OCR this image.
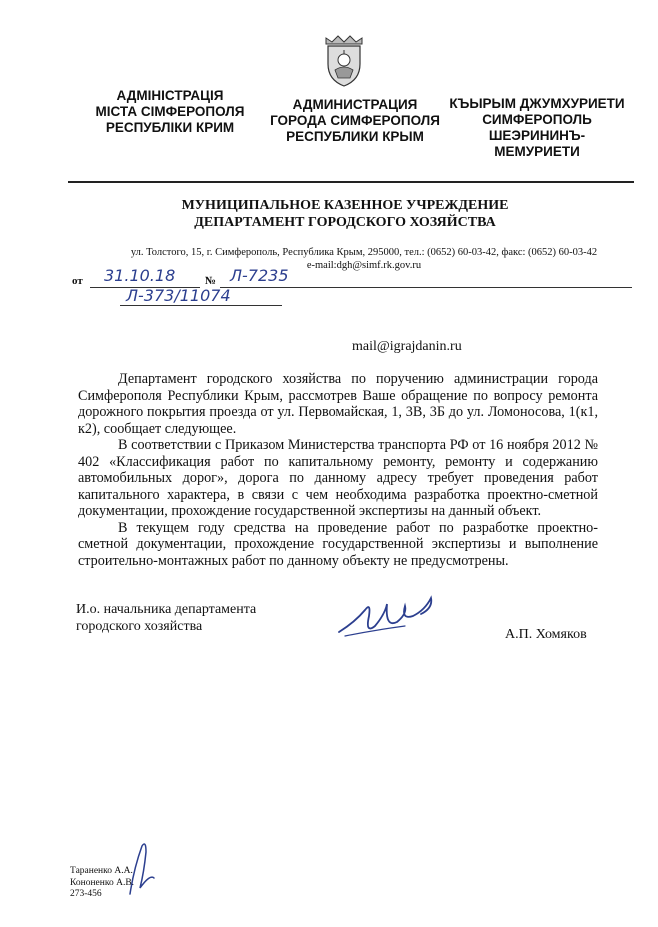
АДМІНІСТРАЦІЯ
МІСТА СІМФЕРОПОЛЯ
РЕСПУБЛІКИ КРИМ
АДМИНИСТРАЦИЯ
ГОРОДА СИМФЕРОПОЛЯ
РЕСПУБЛИКИ КРЫМ
КЪЫРЫМ ДЖУМХУРИЕТИ
СИМФЕРОПОЛЬ
ШЕЭРИНИНЪ-
МЕМУРИЕТИ
МУНИЦИПАЛЬНОЕ КАЗЕННОЕ УЧРЕЖДЕНИЕ
ДЕПАРТАМЕНТ ГОРОДСКОГО ХОЗЯЙСТВА
ул. Толстого, 15, г. Симферополь, Республика Крым, 295000, тел.: (0652) 60-03-42, факс: (0652) 60-03-42
e-mail:dgh@simf.rk.gov.ru
от 31.10.18	№ Л-7235
Л-373/11074
mail@igrajdanin.ru

Департамент городского хозяйства по поручению администрации города Симферополя Республики Крым, рассмотрев Ваше обращение по вопросу ремонта дорожного покрытия проезда от ул. Первомайская, 1, 3В, 3Б до ул. Ломоносова, 1(к1, к2), сообщает следующее.

В соответствии с Приказом Министерства транспорта РФ от 16 ноября 2012 № 402 «Классификация работ по капитальному ремонту, ремонту и содержанию автомобильных дорог», дорога по данному адресу требует проведения работ капитального характера, в связи с чем необходима разработка проектно-сметной документации, прохождение государственной экспертизы на данный объект.

В текущем году средства на проведение работ по разработке проектно-сметной документации, прохождение государственной экспертизы и выполнение строительно-монтажных работ по данному объекту не предусмотрены.

И.о. начальника департамента
городского хозяйства
А.П. Хомяков
Тараненко А.А.
Кононенко А.В.
273-456
